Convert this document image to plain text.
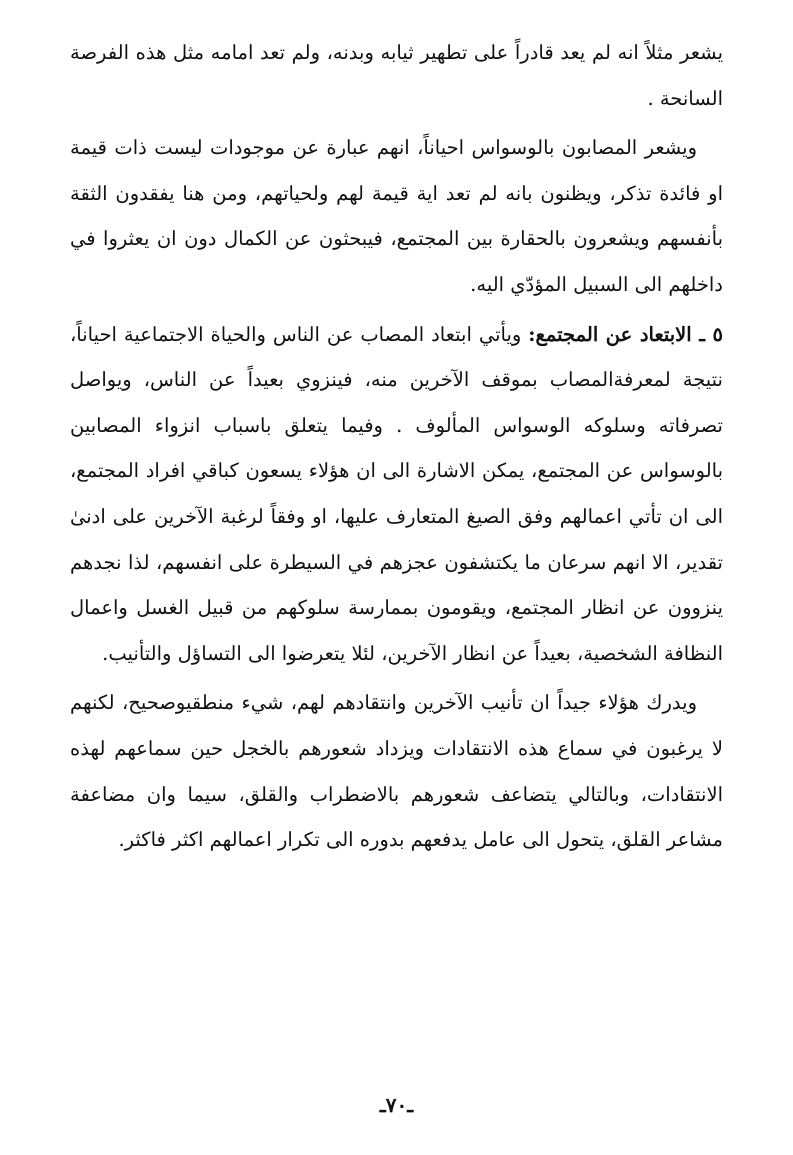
يشعر مثلاً انه لم يعد قادراً على تطهير ثيابه وبدنه، ولم تعد امامه مثل هذه الفرصة السانحة .

ويشعر المصابون بالوسواس احياناً، انهم عبارة عن موجودات ليست ذات قيمة او فائدة تذكر، ويظنون بانه لم تعد اية قيمة لهم ولحياتهم، ومن هنا يفقدون الثقة بأنفسهم ويشعرون بالحقارة بين المجتمع، فيبحثون عن الكمال دون ان يعثروا في داخلهم الى السبيل المؤدّي اليه.

٥ ـ الابتعاد عن المجتمع: ويأتي ابتعاد المصاب عن الناس والحياة الاجتماعية احياناً، نتيجة لمعرفةالمصاب بموقف الآخرين منه، فينزوي بعيداً عن الناس، ويواصل تصرفاته وسلوكه الوسواس المألوف . وفيما يتعلق باسباب انزواء المصابين بالوسواس عن المجتمع، يمكن الاشارة الى ان هؤلاء يسعون كباقي افراد المجتمع، الى ان تأتي اعمالهم وفق الصيغ المتعارف عليها، او وفقاً لرغبة الآخرين على ادنىٰ تقدير، الا انهم سرعان ما يكتشفون عجزهم في السيطرة على انفسهم، لذا نجدهم ينزوون عن انظار المجتمع، ويقومون بممارسة سلوكهم من قبيل الغسل واعمال النظافة الشخصية، بعيداً عن انظار الآخرين، لئلا يتعرضوا الى التساؤل والتأنيب.

ويدرك هؤلاء جيداً ان تأنيب الآخرين وانتقادهم لهم، شيء منطقيوصحيح، لكنهم لا يرغبون في سماع هذه الانتقادات ويزداد شعورهم بالخجل حين سماعهم لهذه الانتقادات، وبالتالي يتضاعف شعورهم بالاضطراب والقلق، سيما وان مضاعفة مشاعر القلق، يتحول الى عامل يدفعهم بدوره الى تكرار اعمالهم اكثر فاكثر.

ـ٧٠ـ
